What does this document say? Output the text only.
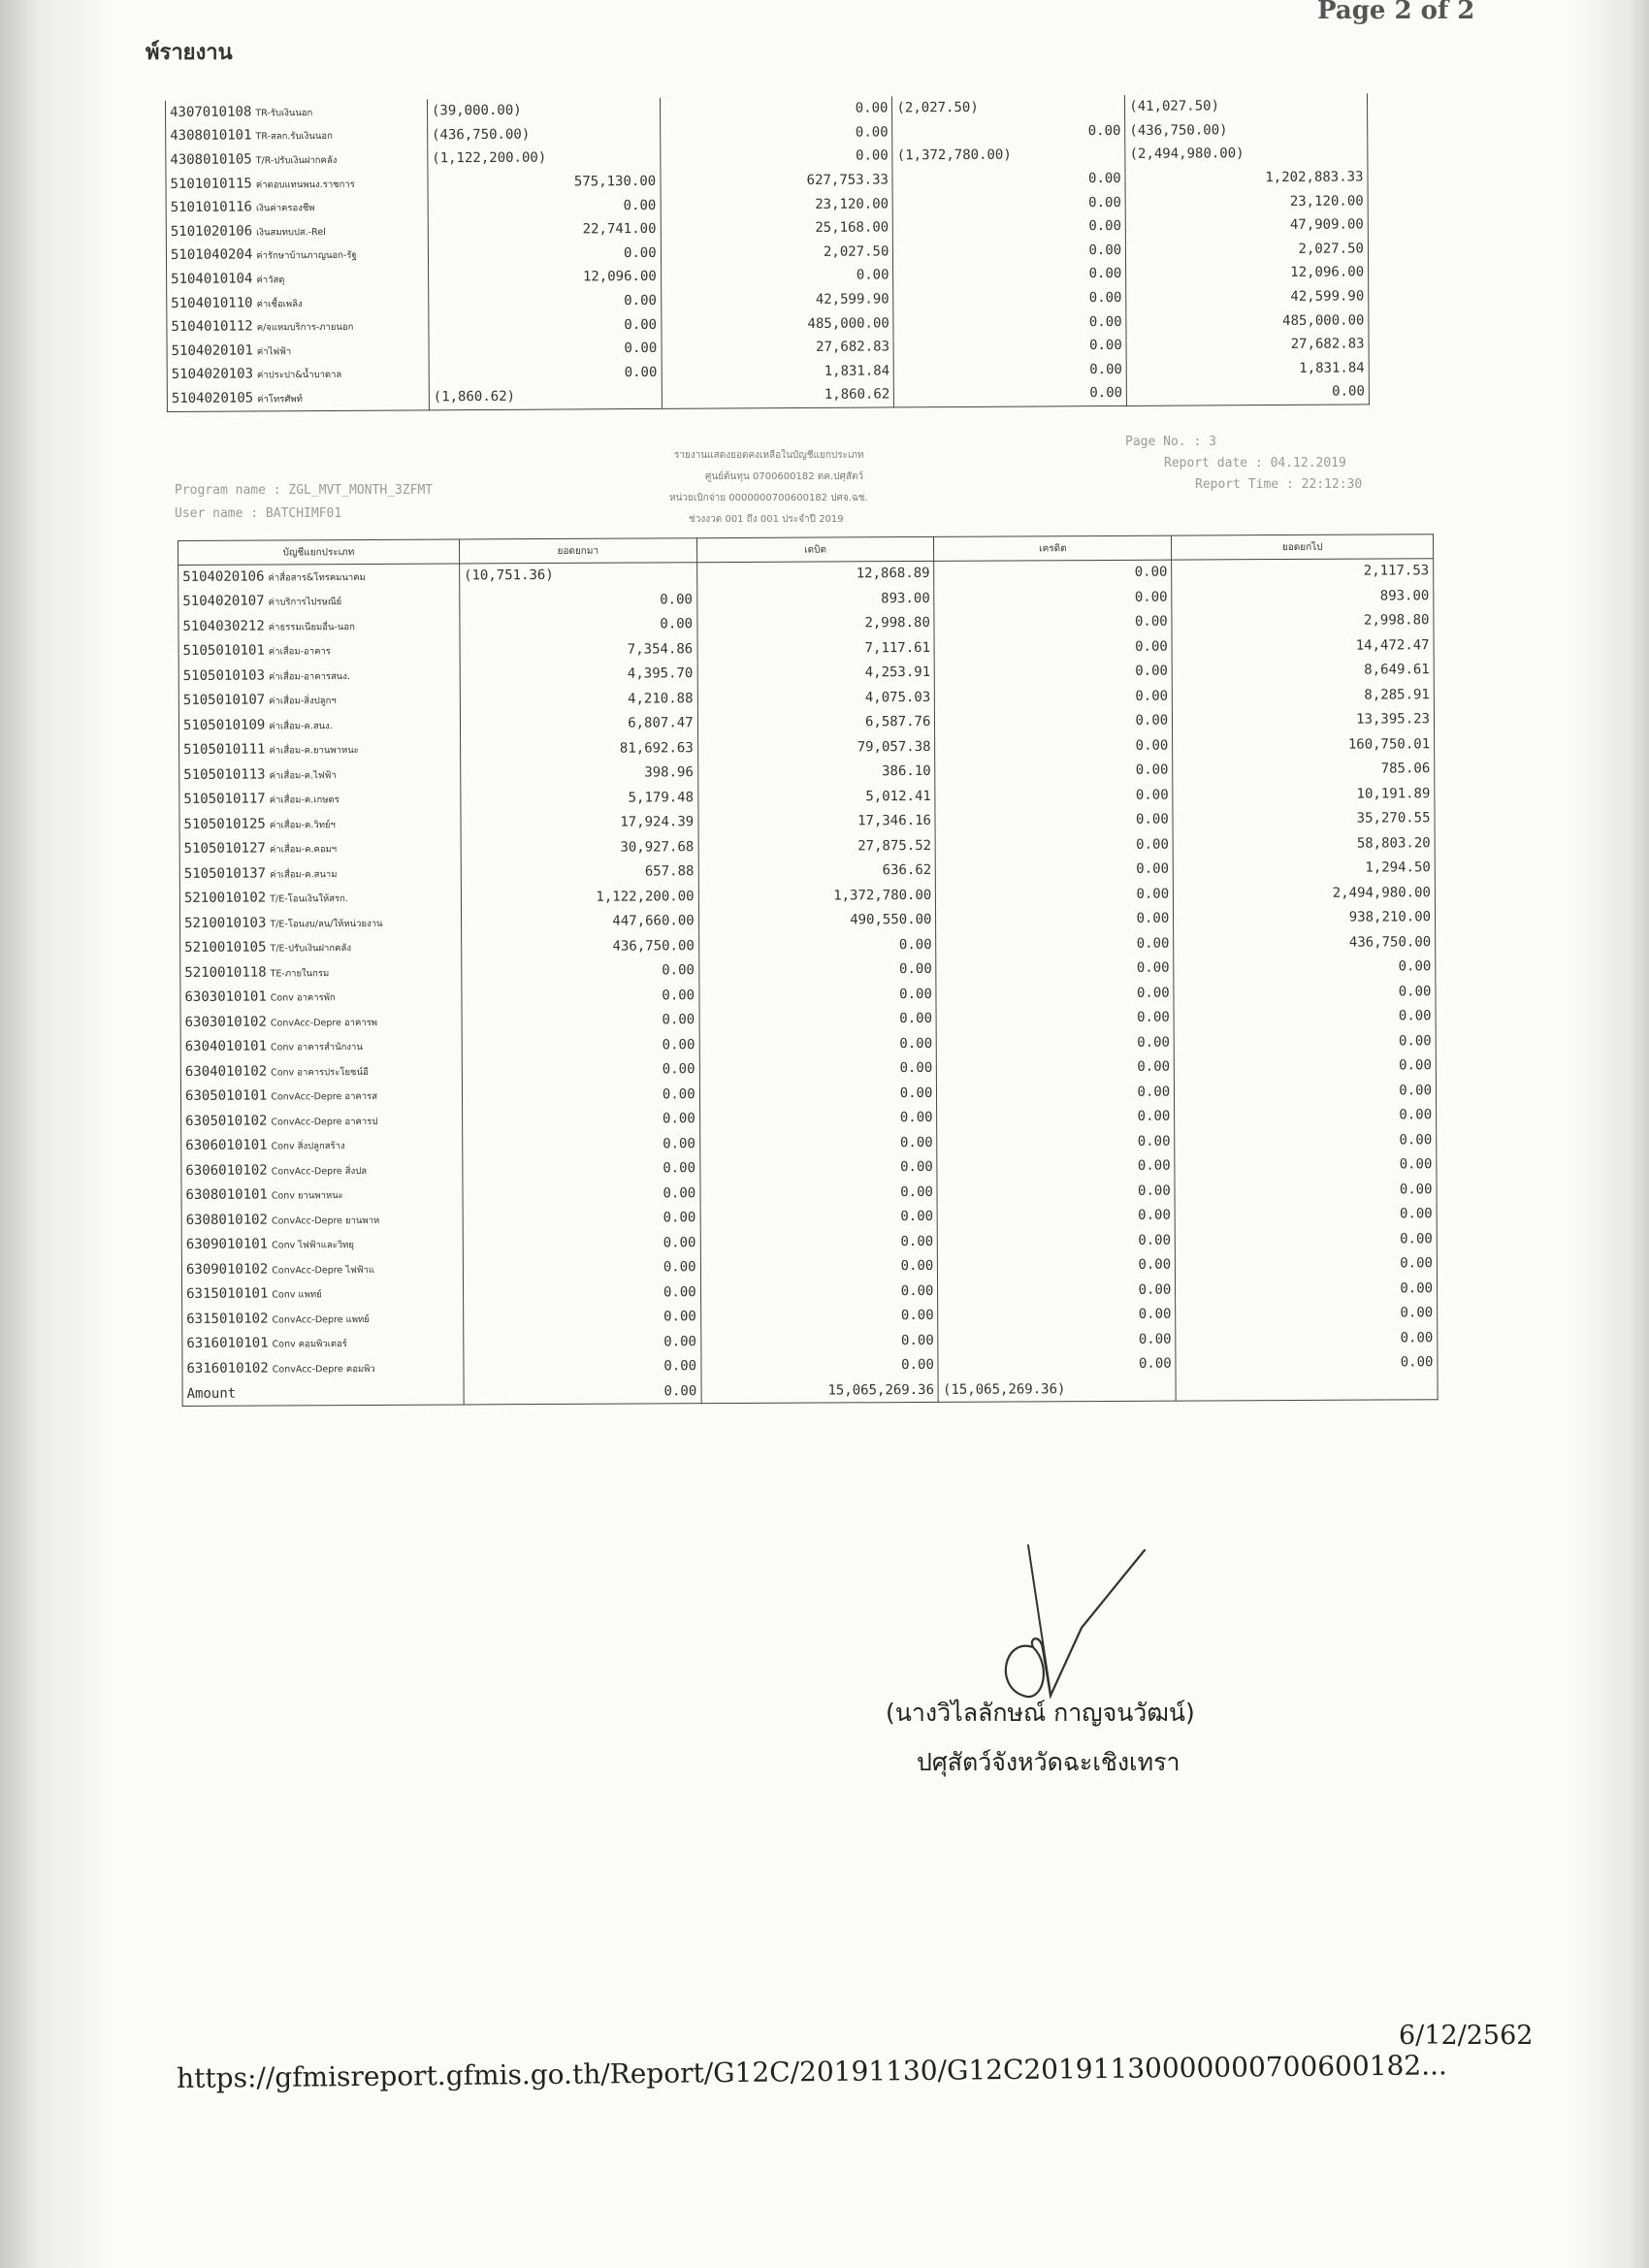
Page 2 of 2
พ์รายงาน
4307010108 TR-รับเงินนอก	(39,000.00)	0.00	(2,027.50)	(41,027.50)
4308010101 TR-สลก.รับเงินนอก	(436,750.00)	0.00	0.00	(436,750.00)
4308010105 T/R-ปรับเงินฝากคลัง	(1,122,200.00)	0.00	(1,372,780.00)	(2,494,980.00)
5101010115 ค่าตอบแทนพนง.ราชการ	575,130.00	627,753.33	0.00	1,202,883.33
5101010116 เงินค่าครองชีพ	0.00	23,120.00	0.00	23,120.00
5101020106 เงินสมทบปส.-Rel	22,741.00	25,168.00	0.00	47,909.00
5101040204 ค่ารักษาบ้านภาญนอก-รัฐ	0.00	2,027.50	0.00	2,027.50
5104010104 ค่าวัสดุ	12,096.00	0.00	0.00	12,096.00
5104010110 ค่าเชื้อเพลิง	0.00	42,599.90	0.00	42,599.90
5104010112 ค/จแหมบริการ-ภายนอก	0.00	485,000.00	0.00	485,000.00
5104020101 ค่าไฟฟ้า	0.00	27,682.83	0.00	27,682.83
5104020103 ค่าประปา&น้ำบาดาล	0.00	1,831.84	0.00	1,831.84
5104020105 ค่าโทรศัพท์	(1,860.62)	1,860.62	0.00	0.00
Program name : ZGL_MVT_MONTH_3ZFMT
User name : BATCHIMF01
รายงานแสดงยอดคงเหลือในบัญชีแยกประเภท
ศูนย์ต้นทุน 0700600182 ตค.ปศุสัตว์
หน่วยเบิกจ่าย 0000000700600182 ปศจ.ฉช.
ช่วงงวด 001 ถึง 001 ประจำปี 2019
Page No. : 3
Report date : 04.12.2019
Report Time : 22:12:30
บัญชีแยกประเภท	ยอดยกมา	เดบิต	เครดิต	ยอดยกไป
5104020106 ค่าสื่อสาร&โทรคมนาคม	(10,751.36)	12,868.89	0.00	2,117.53
5104020107 ค่าบริการไปรษณีย์	0.00	893.00	0.00	893.00
5104030212 ค่าธรรมเนียมอื่น-นอก	0.00	2,998.80	0.00	2,998.80
5105010101 ค่าเสื่อม-อาคาร	7,354.86	7,117.61	0.00	14,472.47
5105010103 ค่าเสื่อม-อาคารสนง.	4,395.70	4,253.91	0.00	8,649.61
5105010107 ค่าเสื่อม-สิ่งปลูกฯ	4,210.88	4,075.03	0.00	8,285.91
5105010109 ค่าเสื่อม-ค.สนง.	6,807.47	6,587.76	0.00	13,395.23
5105010111 ค่าเสื่อม-ค.ยานพาหนะ	81,692.63	79,057.38	0.00	160,750.01
5105010113 ค่าเสื่อม-ค.ไฟฟ้า	398.96	386.10	0.00	785.06
5105010117 ค่าเสื่อม-ค.เกษตร	5,179.48	5,012.41	0.00	10,191.89
5105010125 ค่าเสื่อม-ค.วิทย์ฯ	17,924.39	17,346.16	0.00	35,270.55
5105010127 ค่าเสื่อม-ค.คอมฯ	30,927.68	27,875.52	0.00	58,803.20
5105010137 ค่าเสื่อม-ค.สนาม	657.88	636.62	0.00	1,294.50
5210010102 T/E-โอนเงินให้สรก.	1,122,200.00	1,372,780.00	0.00	2,494,980.00
5210010103 T/E-โอนงบ/ลน/ให้หน่วยงาน	447,660.00	490,550.00	0.00	938,210.00
5210010105 T/E-ปรับเงินฝากคลัง	436,750.00	0.00	0.00	436,750.00
5210010118 TE-ภายในกรม	0.00	0.00	0.00	0.00
6303010101 Conv อาคารพัก	0.00	0.00	0.00	0.00
6303010102 ConvAcc-Depre อาคารพ	0.00	0.00	0.00	0.00
6304010101 Conv อาคารสำนักงาน	0.00	0.00	0.00	0.00
6304010102 Conv อาคารประโยชน์อื	0.00	0.00	0.00	0.00
6305010101 ConvAcc-Depre อาคารส	0.00	0.00	0.00	0.00
6305010102 ConvAcc-Depre อาคารป	0.00	0.00	0.00	0.00
6306010101 Conv สิ่งปลูกสร้าง	0.00	0.00	0.00	0.00
6306010102 ConvAcc-Depre สิ่งปล	0.00	0.00	0.00	0.00
6308010101 Conv ยานพาหนะ	0.00	0.00	0.00	0.00
6308010102 ConvAcc-Depre ยานพาห	0.00	0.00	0.00	0.00
6309010101 Conv ไฟฟ้าและวิทยุ	0.00	0.00	0.00	0.00
6309010102 ConvAcc-Depre ไฟฟ้าแ	0.00	0.00	0.00	0.00
6315010101 Conv แพทย์	0.00	0.00	0.00	0.00
6315010102 ConvAcc-Depre แพทย์	0.00	0.00	0.00	0.00
6316010101 Conv คอมพิวเตอร์	0.00	0.00	0.00	0.00
6316010102 ConvAcc-Depre คอมพิว	0.00	0.00	0.00	0.00
Amount	0.00	15,065,269.36	(15,065,269.36)	
(นางวิไลลักษณ์ กาญจนวัฒน์)
ปศุสัตว์จังหวัดฉะเชิงเทรา
https://gfmisreport.gfmis.go.th/Report/G12C/20191130/G12C20191130000000700600182...
6/12/2562
